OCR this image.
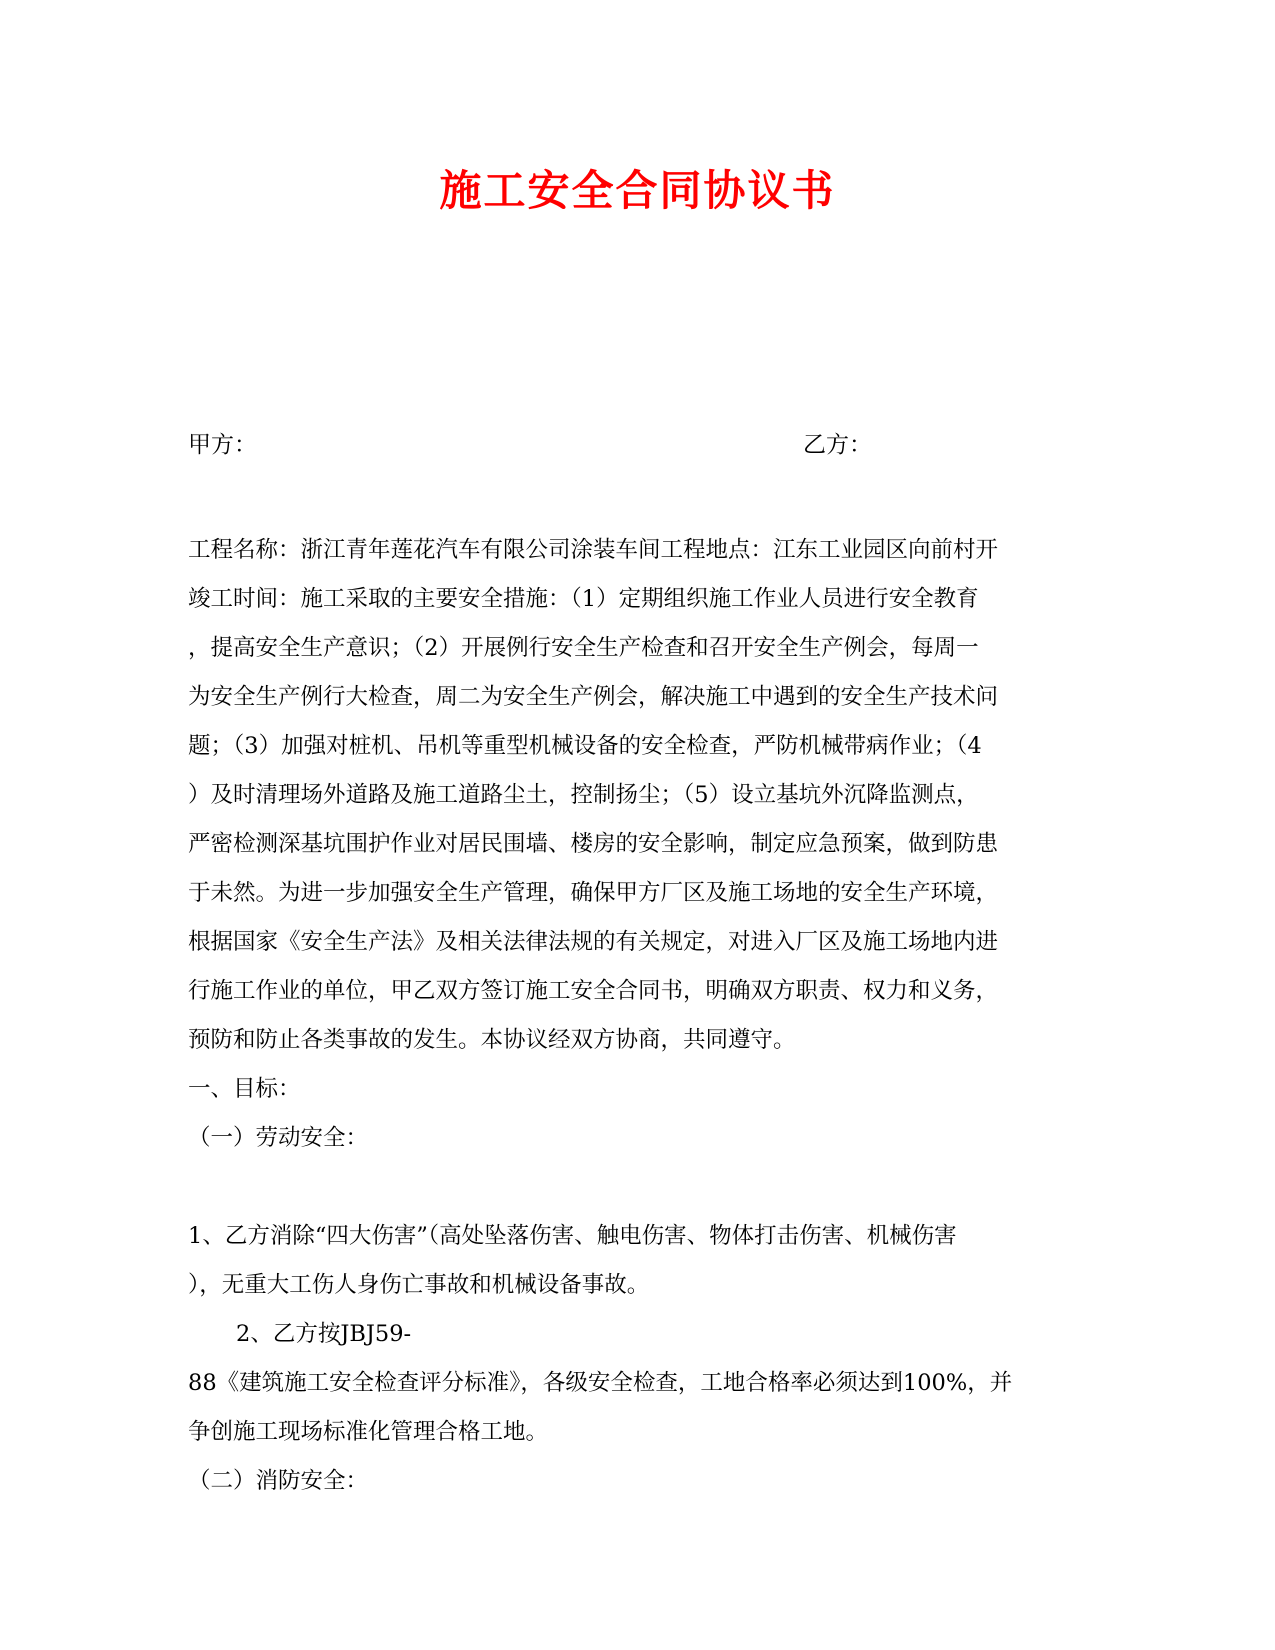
施工安全合同协议书
甲方：	乙方：
工程名称：浙江青年莲花汽车有限公司涂装车间工程地点：江东工业园区向前村开
竣工时间：施工采取的主要安全措施：（1）定期组织施工作业人员进行安全教育
，提高安全生产意识；（2）开展例行安全生产检查和召开安全生产例会，每周一
为安全生产例行大检查，周二为安全生产例会，解决施工中遇到的安全生产技术问
题；（3）加强对桩机、吊机等重型机械设备的安全检查，严防机械带病作业；（4
）及时清理场外道路及施工道路尘土，控制扬尘；（5）设立基坑外沉降监测点，
严密检测深基坑围护作业对居民围墙、楼房的安全影响，制定应急预案，做到防患
于未然。为进一步加强安全生产管理，确保甲方厂区及施工场地的安全生产环境，
根据国家《安全生产法》及相关法律法规的有关规定，对进入厂区及施工场地内进
行施工作业的单位，甲乙双方签订施工安全合同书，明确双方职责、权力和义务，
预防和防止各类事故的发生。本协议经双方协商，共同遵守。
一、目标：
（一）劳动安全：
1、乙方消除“四大伤害”（高处坠落伤害、触电伤害、物体打击伤害、机械伤害
），无重大工伤人身伤亡事故和机械设备事故。
2、乙方按JBJ59-
88《建筑施工安全检查评分标准》，各级安全检查，工地合格率必须达到100%，并
争创施工现场标准化管理合格工地。
（二）消防安全：
